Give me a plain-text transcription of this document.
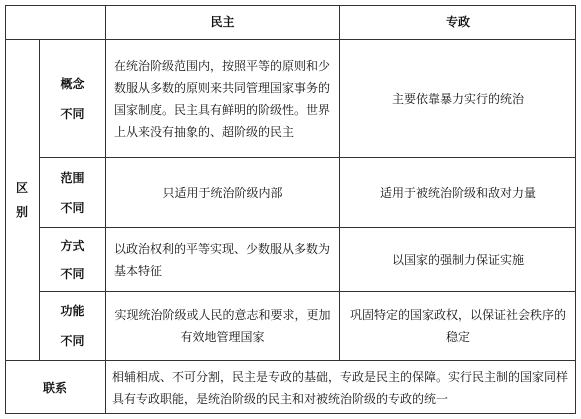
民主	专政
区
别
概念
不同
在统治阶级范围内，按照平等的原则和少数服从多数的原则来共同管理国家事务的国家制度。民主具有鲜明的阶级性。世界上从来没有抽象的、超阶级的民主
主要依靠暴力实行的统治
范围
不同
只适用于统治阶级内部	适用于被统治阶级和敌对力量
方式
不同
以政治权利的平等实现、少数服从多数为基本特征
以国家的强制力保证实施
功能
不同
实现统治阶级或人民的意志和要求，更加有效地管理国家
巩固特定的国家政权，以保证社会秩序的稳定
联系
相辅相成、不可分割，民主是专政的基础，专政是民主的保障。实行民主制的国家同样具有专政职能，是统治阶级的民主和对被统治阶级的专政的统一
